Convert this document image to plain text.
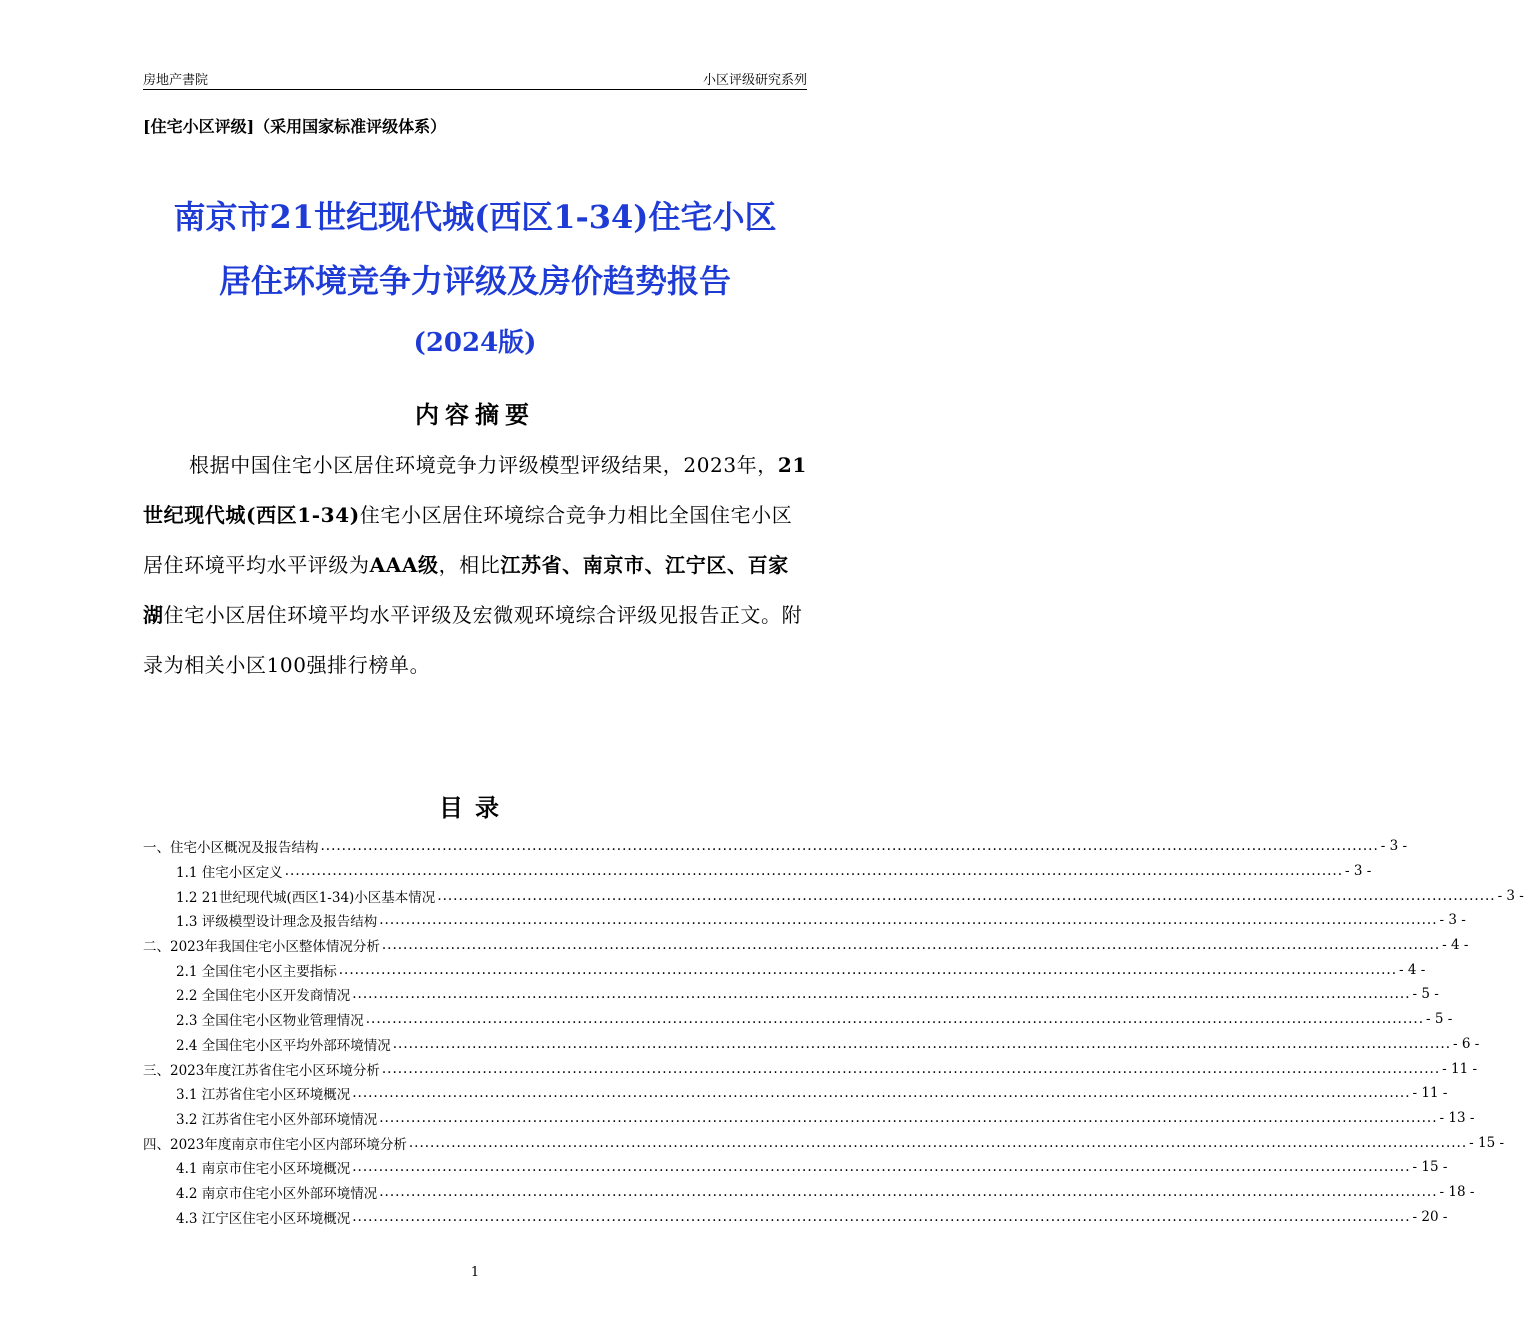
房地产書院	小区评级研究系列
[住宅小区评级]（采用国家标准评级体系）
南京市21世纪现代城(西区1-34)住宅小区
居住环境竞争力评级及房价趋势报告
(2024版)
内容摘要
根据中国住宅小区居住环境竞争力评级模型评级结果，2023年，21世纪现代城(西区1-34)住宅小区居住环境综合竞争力相比全国住宅小区居住环境平均水平评级为AAA级，相比江苏省、南京市、江宁区、百家湖住宅小区居住环境平均水平评级及宏微观环境综合评级见报告正文。附录为相关小区100强排行榜单。
目录
一、住宅小区概况及报告结构 ........................................................................................................................................................................................................ - 3 -
1.1 住宅小区定义 ........................................................................................................................................................................................................ - 3 -
1.2 21世纪现代城(西区1-34)小区基本情况 ........................................................................................................................................................................................................ - 3 -
1.3 评级模型设计理念及报告结构 ........................................................................................................................................................................................................ - 3 -
二、2023年我国住宅小区整体情况分析 ........................................................................................................................................................................................................ - 4 -
2.1 全国住宅小区主要指标 ........................................................................................................................................................................................................ - 4 -
2.2 全国住宅小区开发商情况 ........................................................................................................................................................................................................ - 5 -
2.3 全国住宅小区物业管理情况 ........................................................................................................................................................................................................ - 5 -
2.4 全国住宅小区平均外部环境情况 ........................................................................................................................................................................................................ - 6 -
三、2023年度江苏省住宅小区环境分析 ........................................................................................................................................................................................................ - 11 -
3.1 江苏省住宅小区环境概况 ........................................................................................................................................................................................................ - 11 -
3.2 江苏省住宅小区外部环境情况 ........................................................................................................................................................................................................ - 13 -
四、2023年度南京市住宅小区内部环境分析 ........................................................................................................................................................................................................ - 15 -
4.1 南京市住宅小区环境概况 ........................................................................................................................................................................................................ - 15 -
4.2 南京市住宅小区外部环境情况 ........................................................................................................................................................................................................ - 18 -
4.3 江宁区住宅小区环境概况 ........................................................................................................................................................................................................ - 20 -
1
